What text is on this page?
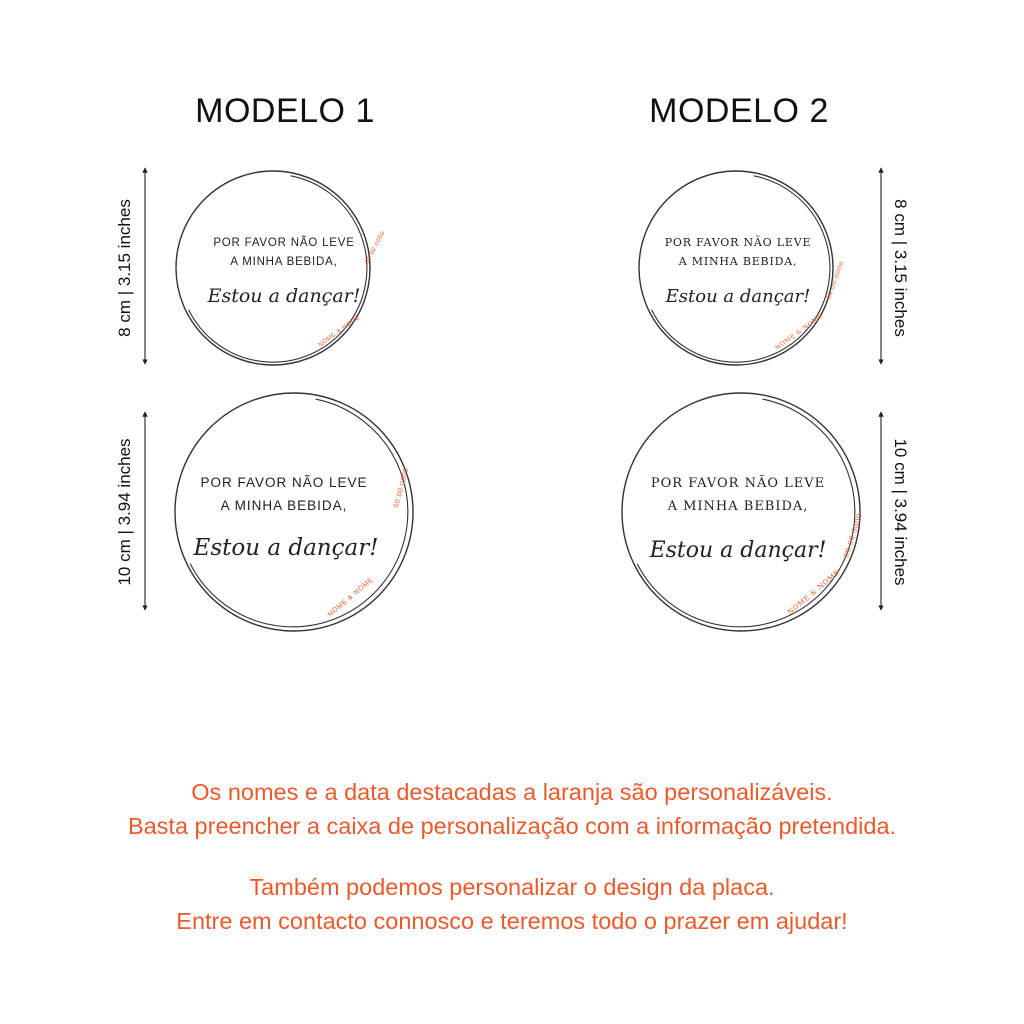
MODELO 1	MODELO 2
POR FAVOR NÃO LEVE
A MINHA BEBIDA,
Estou a dançar!
00.00.0000
NOME & NOME
8 cm | 3.15 inches
POR FAVOR NÃO LEVE
A MINHA BEBIDA,
Estou a dançar!
00.00.0000
NOME & NOME
10 cm | 3.94 inches
POR FAVOR NÃO LEVE
A MINHA BEBIDA,
Estou a dançar! 00.00.0000
NOME & NOME	8 cm | 3.15 inches
POR FAVOR NÃO LEVE
A MINHA BEBIDA,
Estou a dançar! 00.00.0000
NOME & NOME
10 cm | 3.94 inches
Os nomes e a data destacadas a laranja são personalizáveis.
Basta preencher a caixa de personalização com a informação pretendida.
Também podemos personalizar o design da placa.
Entre em contacto connosco e teremos todo o prazer em ajudar!
